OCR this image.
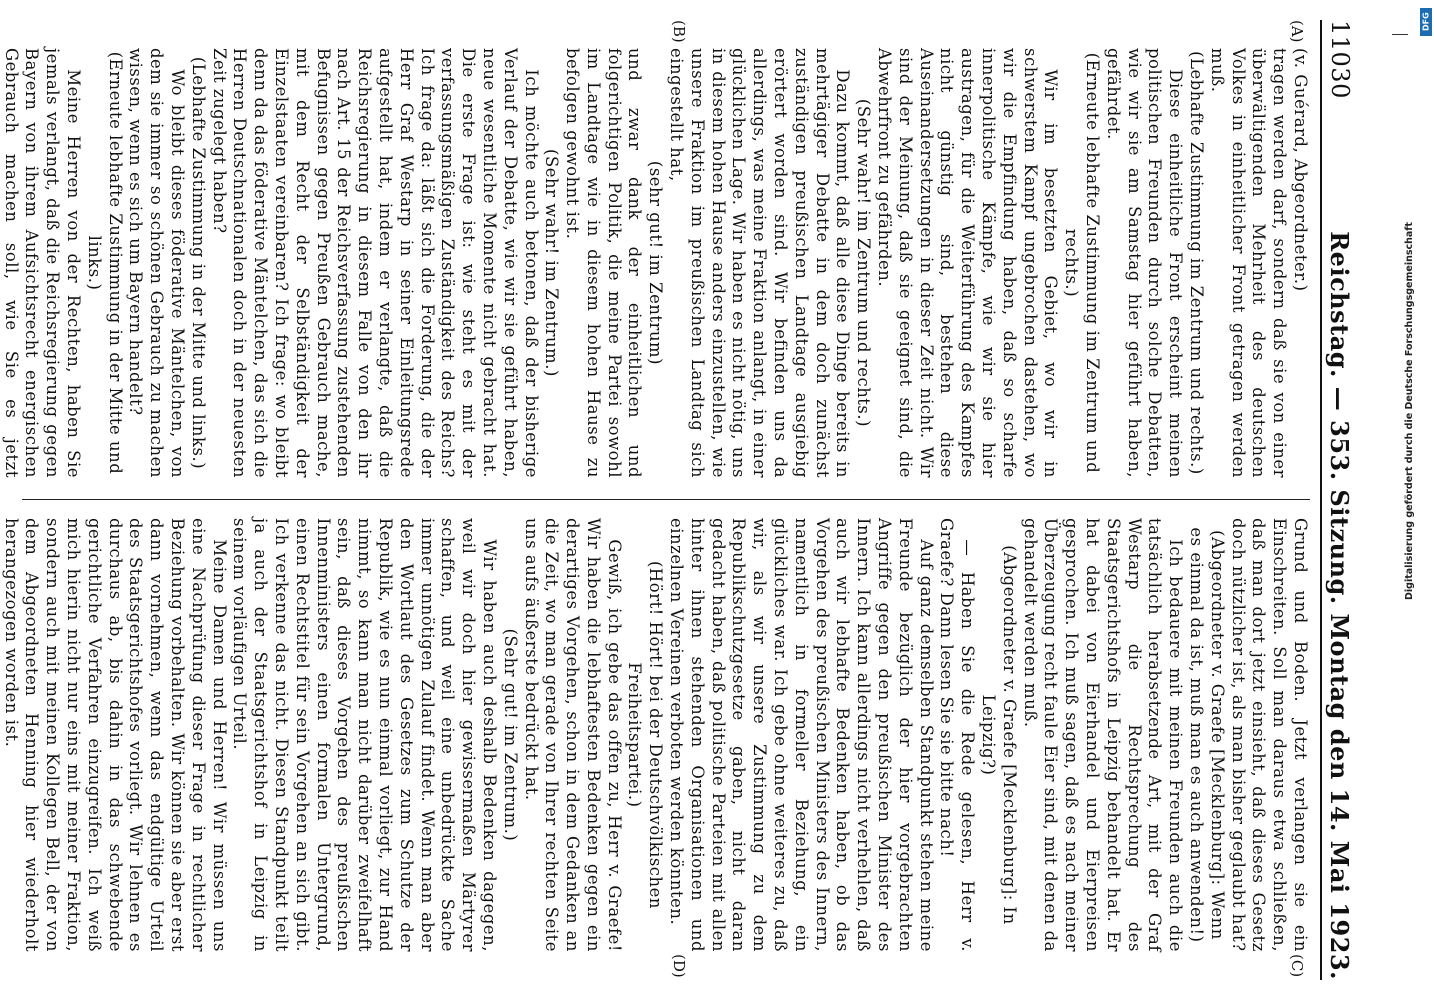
11030
Reichstag. — 353. Sitzung. Montag den 14. Mai 1923.

(v. Guérard, Abgeordneter.)

tragen werden darf, sondern daß sie von einer überwältigenden Mehrheit des deutschen Volkes in einheitlicher Front getragen werden muß.

(Lebhafte Zustimmung im Zentrum und rechts.)

Diese einheitliche Front erscheint meinen politischen Freunden durch solche Debatten, wie wir sie am Samstag hier geführt haben, gefährdet.

(Erneute lebhafte Zustimmung im Zentrum und rechts.)

Wir im besetzten Gebiet, wo wir in schwerstem Kampf ungebrochen dastehen, wo wir die Empfindung haben, daß so scharfe innerpolitische Kämpfe, wie wir sie hier austragen, für die Weiterführung des Kampfes nicht günstig sind, bestehen diese Auseinandersetzungen in dieser Zeit nicht. Wir sind der Meinung, daß sie geeignet sind, die Abwehrfront zu gefährden.

(Sehr wahr! im Zentrum und rechts.)

Dazu kommt, daß alle diese Dinge bereits in mehrtägiger Debatte in dem doch zunächst zuständigen preußischen Landtage ausgiebig erörtert worden sind. Wir befinden uns da allerdings, was meine Fraktion anlangt, in einer glücklichen Lage. Wir haben es nicht nötig, uns in diesem hohen Hause anders einzustellen, wie unsere Fraktion im preußischen Landtag sich eingestellt hat,

(sehr gut! im Zentrum)

und zwar dank der einheitlichen und folgerichtigen Politik, die meine Partei sowohl im Landtage wie in diesem hohen Hause zu befolgen gewohnt ist.

(Sehr wahr! im Zentrum.)

Ich möchte auch betonen, daß der bisherige Verlauf der Debatte, wie wir sie geführt haben, neue wesentliche Momente nicht gebracht hat. Die erste Frage ist: wie steht es mit der verfassungsmäßigen Zuständigkeit des Reichs? Ich frage da: läßt sich die Forderung, die der Herr Graf Westarp in seiner Einleitungsrede aufgestellt hat, indem er verlangte, daß die Reichsregierung in diesem Falle von den ihr nach Art. 15 der Reichsverfassung zustehenden Befugnissen gegen Preußen Gebrauch mache, mit dem Recht der Selbständigkeit der Einzelstaaten vereinbaren? Ich frage: wo bleibt denn da das föderative Mäntelchen, das sich die Herren Deutschnationalen doch in der neuesten Zeit zugelegt haben?

(Lebhafte Zustimmung in der Mitte und links.)

Wo bleibt dieses föderative Mäntelchen, von dem sie immer so schönen Gebrauch zu machen wissen, wenn es sich um Bayern handelt?

(Erneute lebhafte Zustimmung in der Mitte und links.)

Meine Herren von der Rechten, haben Sie jemals verlangt, daß die Reichsregierung gegen Bayern von ihrem Aufsichtsrecht energischen Gebrauch machen soll, wie Sie es jetzt

Grund und Boden. Jetzt verlangen sie ein Einschreiten. Soll man daraus etwa schließen, daß man dort jetzt einsieht, daß dieses Gesetz doch nützlicher ist, als man bisher geglaubt hat?

(Abgeordneter v. Graefe [Mecklenburg]: Wenn es einmal da ist, muß man es auch anwenden!)

Ich bedauere mit meinen Freunden auch die tatsächlich herabsetzende Art, mit der Graf Westarp die Rechtsprechung des Staatsgerichtshofs in Leipzig behandelt hat. Er hat dabei von Eierhandel und Eierpreisen gesprochen. Ich muß sagen, daß es nach meiner Überzeugung recht faule Eier sind, mit denen da gehandelt werden muß.

(Abgeordneter v. Graefe [Mecklenburg]: In Leipzig?)

— Haben Sie die Rede gelesen, Herr v. Graefe? Dann lesen Sie sie bitte nach!

Auf ganz demselben Standpunkt stehen meine Freunde bezüglich der hier vorgebrachten Angriffe gegen den preußischen Minister des Innern. Ich kann allerdings nicht verhehlen, daß auch wir lebhafte Bedenken haben, ob das Vorgehen des preußischen Ministers des Innern, namentlich in formeller Beziehung, ein glückliches war. Ich gebe ohne weiteres zu, daß wir, als wir unsere Zustimmung zu dem Republikschutzgesetze gaben, nicht daran gedacht haben, daß politische Parteien mit allen hinter ihnen stehenden Organisationen und einzelnen Vereinen verboten werden könnten.

(Hört! Hört! bei der Deutschvölkischen Freiheitspartei.)

Gewiß, ich gebe das offen zu, Herr v. Graefe! Wir haben die lebhaftesten Bedenken gegen ein derartiges Vorgehen, schon in dem Gedanken an die Zeit, wo man gerade von Ihrer rechten Seite uns aufs äußerste bedrückt hat.

(Sehr gut! im Zentrum.)

Wir haben auch deshalb Bedenken dagegen, weil wir doch hier gewissermaßen Märtyrer schaffen, und weil eine unbedrückte Sache immer unnötigen Zulauf findet. Wenn man aber den Wortlaut des Gesetzes zum Schutze der Republik, wie es nun einmal vorliegt, zur Hand nimmt, so kann man nicht darüber zweifelhaft sein, daß dieses Vorgehen des preußischen Innenministers einen formalen Untergrund, einen Rechtstitel für sein Vorgehen an sich gibt. Ich verkenne das nicht. Diesen Standpunkt teilt ja auch der Staatsgerichtshof in Leipzig in seinem vorläufigen Urteil.

Meine Damen und Herren! Wir müssen uns eine Nachprüfung dieser Frage in rechtlicher Beziehung vorbehalten. Wir können sie aber erst dann vornehmen, wenn das endgültige Urteil des Staatsgerichtshofes vorliegt. Wir lehnen es durchaus ab, bis dahin in das schwebende gerichtliche Verfahren einzugreifen. Ich weiß mich hierin nicht nur eins mit meiner Fraktion, sondern auch mit meinen Kollegen Bell, der von dem Abgeordneten Henning hier wiederholt herangezogen worden ist.

(A)
(B)
(C)
(D)
DFG
Digitalisierung gefördert durch die Deutsche Forschungsgemeinschaft
